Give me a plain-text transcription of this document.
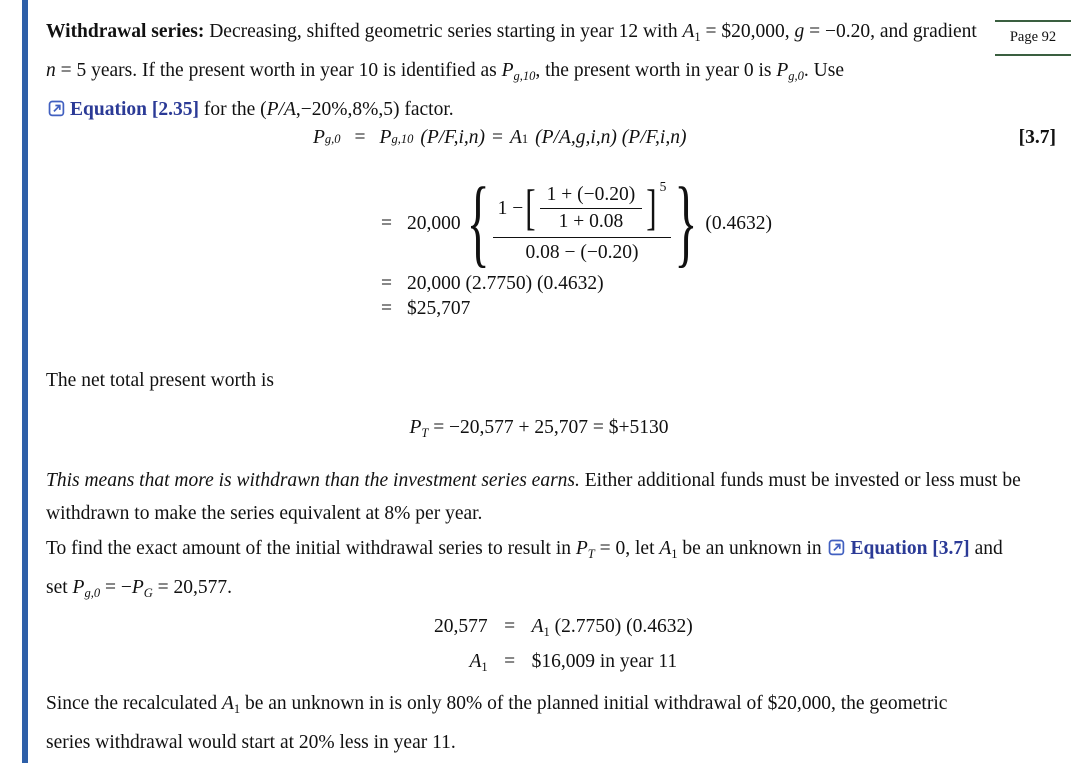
Page 92

Withdrawal series: Decreasing, shifted geometric series starting in year 12 with $A_1$ = $20,000, g = −0.20, and gradient n = 5 years. If the present worth in year 10 is identified as $P_{g,10}$, the present worth in year 0 is $P_{g,0}$. Use Equation [2.35] for the (P/A,−20%,8%,5) factor.

P g,0 = P g,10 (P/F,i,n) = A 1 (P/A,g,i,n) (P/F,i,n)	[3.7]
= 20,000 { $\frac{1 - [ \frac{1 + (-0.20)}{1 + 0.08} ] 5}{0.08 - (-0.20)}$ } (0.4632)
= 20,000 (2.7750) (0.4632)
= $25,707

The net total present worth is

$P_T = -20,577 + 25,707$ = $+5130

This means that more is withdrawn than the investment series earns. Either additional funds must be invested or less must be withdrawn to make the series equivalent at 8% per year.

To find the exact amount of the initial withdrawal series to result in $P_T = 0$, let $A_1$ be an unknown in Equation [3.7] and set $P_{g,0} = -P_G = 20,577$.

$20,577 = A_1$ (2.7750) (0.4632)
$A_1$ = $16,009 in year 11

Since the recalculated $A_1$ be an unknown in is only 80% of the planned initial withdrawal of $20,000, the geometric series withdrawal would start at 20% less in year 11.
